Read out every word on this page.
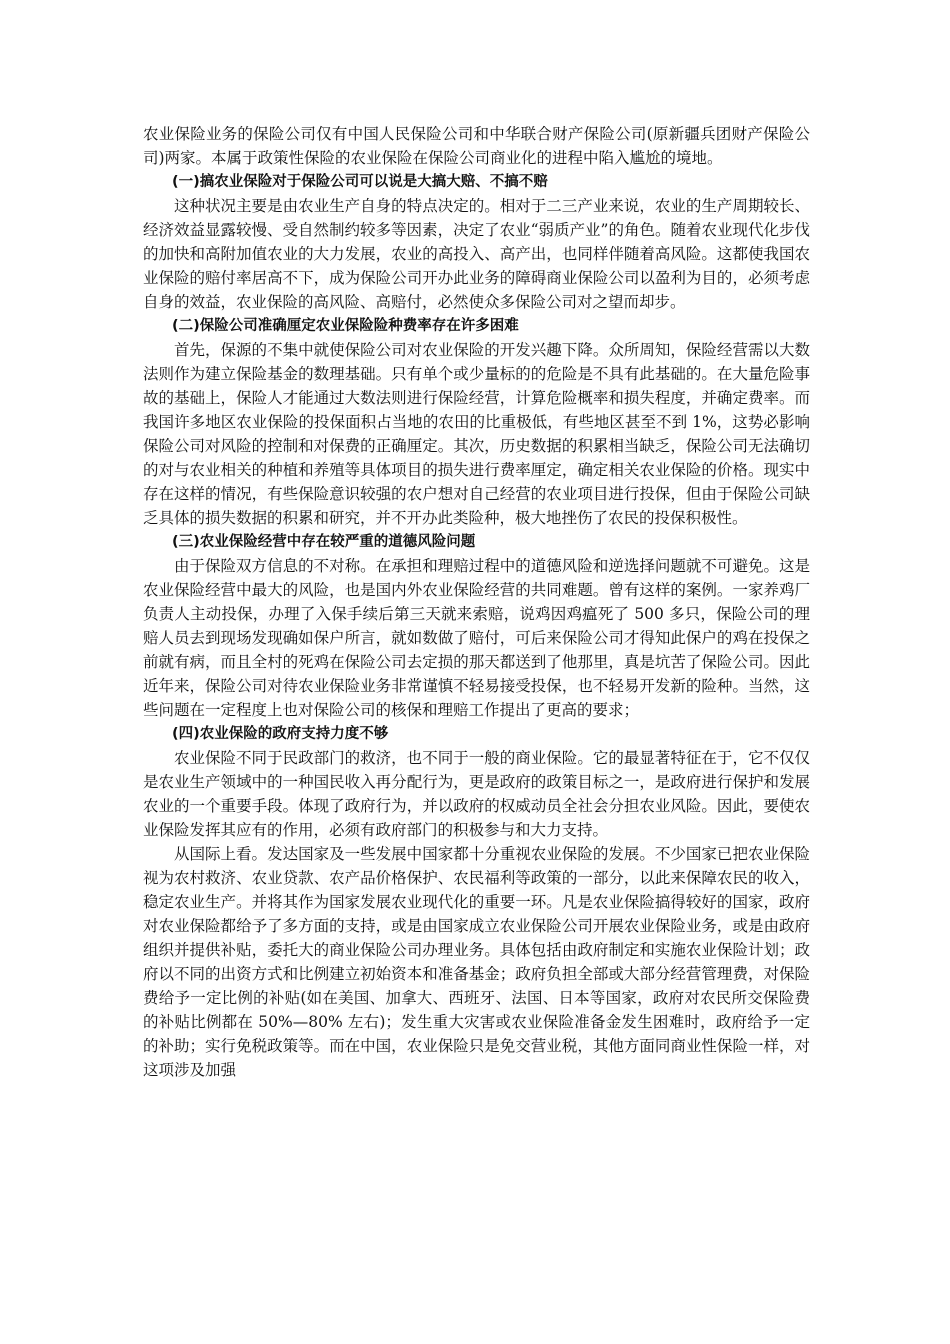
农业保险业务的保险公司仅有中国人民保险公司和中华联合财产保险公司(原新疆兵团财产保险公司)两家。本属于政策性保险的农业保险在保险公司商业化的进程中陷入尴尬的境地。

(一)搞农业保险对于保险公司可以说是大搞大赔、不搞不赔

这种状况主要是由农业生产自身的特点决定的。相对于二三产业来说，农业的生产周期较长、经济效益显露较慢、受自然制约较多等因素，决定了农业“弱质产业”的角色。随着农业现代化步伐的加快和高附加值农业的大力发展，农业的高投入、高产出，也同样伴随着高风险。这都使我国农业保险的赔付率居高不下，成为保险公司开办此业务的障碍商业保险公司以盈利为目的，必须考虑自身的效益，农业保险的高风险、高赔付，必然使众多保险公司对之望而却步。

(二)保险公司准确厘定农业保险险种费率存在许多困难

首先，保源的不集中就使保险公司对农业保险的开发兴趣下降。众所周知，保险经营需以大数法则作为建立保险基金的数理基础。只有单个或少量标的的危险是不具有此基础的。在大量危险事故的基础上，保险人才能通过大数法则进行保险经营，计算危险概率和损失程度，并确定费率。而我国许多地区农业保险的投保面积占当地的农田的比重极低，有些地区甚至不到 1%，这势必影响保险公司对风险的控制和对保费的正确厘定。其次，历史数据的积累相当缺乏，保险公司无法确切的对与农业相关的种植和养殖等具体项目的损失进行费率厘定，确定相关农业保险的价格。现实中存在这样的情况，有些保险意识较强的农户想对自己经营的农业项目进行投保，但由于保险公司缺乏具体的损失数据的积累和研究，并不开办此类险种，极大地挫伤了农民的投保积极性。

(三)农业保险经营中存在较严重的道德风险问题

由于保险双方信息的不对称。在承担和理赔过程中的道德风险和逆选择问题就不可避免。这是农业保险经营中最大的风险，也是国内外农业保险经营的共同难题。曾有这样的案例。一家养鸡厂负责人主动投保，办理了入保手续后第三天就来索赔，说鸡因鸡瘟死了 500 多只，保险公司的理赔人员去到现场发现确如保户所言，就如数做了赔付，可后来保险公司才得知此保户的鸡在投保之前就有病，而且全村的死鸡在保险公司去定损的那天都送到了他那里，真是坑苦了保险公司。因此近年来，保险公司对待农业保险业务非常谨慎不轻易接受投保，也不轻易开发新的险种。当然，这些问题在一定程度上也对保险公司的核保和理赔工作提出了更高的要求；

(四)农业保险的政府支持力度不够

农业保险不同于民政部门的救济，也不同于一般的商业保险。它的最显著特征在于，它不仅仅是农业生产领域中的一种国民收入再分配行为，更是政府的政策目标之一，是政府进行保护和发展农业的一个重要手段。体现了政府行为，并以政府的权威动员全社会分担农业风险。因此，要使农业保险发挥其应有的作用，必须有政府部门的积极参与和大力支持。

从国际上看。发达国家及一些发展中国家都十分重视农业保险的发展。不少国家已把农业保险视为农村救济、农业贷款、农产品价格保护、农民福利等政策的一部分，以此来保障农民的收入，稳定农业生产。并将其作为国家发展农业现代化的重要一环。凡是农业保险搞得较好的国家，政府对农业保险都给予了多方面的支持，或是由国家成立农业保险公司开展农业保险业务，或是由政府组织并提供补贴，委托大的商业保险公司办理业务。具体包括由政府制定和实施农业保险计划；政府以不同的出资方式和比例建立初始资本和准备基金；政府负担全部或大部分经营管理费，对保险费给予一定比例的补贴(如在美国、加拿大、西班牙、法国、日本等国家，政府对农民所交保险费的补贴比例都在 50%—80% 左右)；发生重大灾害或农业保险准备金发生困难时，政府给予一定的补助；实行免税政策等。而在中国，农业保险只是免交营业税，其他方面同商业性保险一样，对这项涉及加强
